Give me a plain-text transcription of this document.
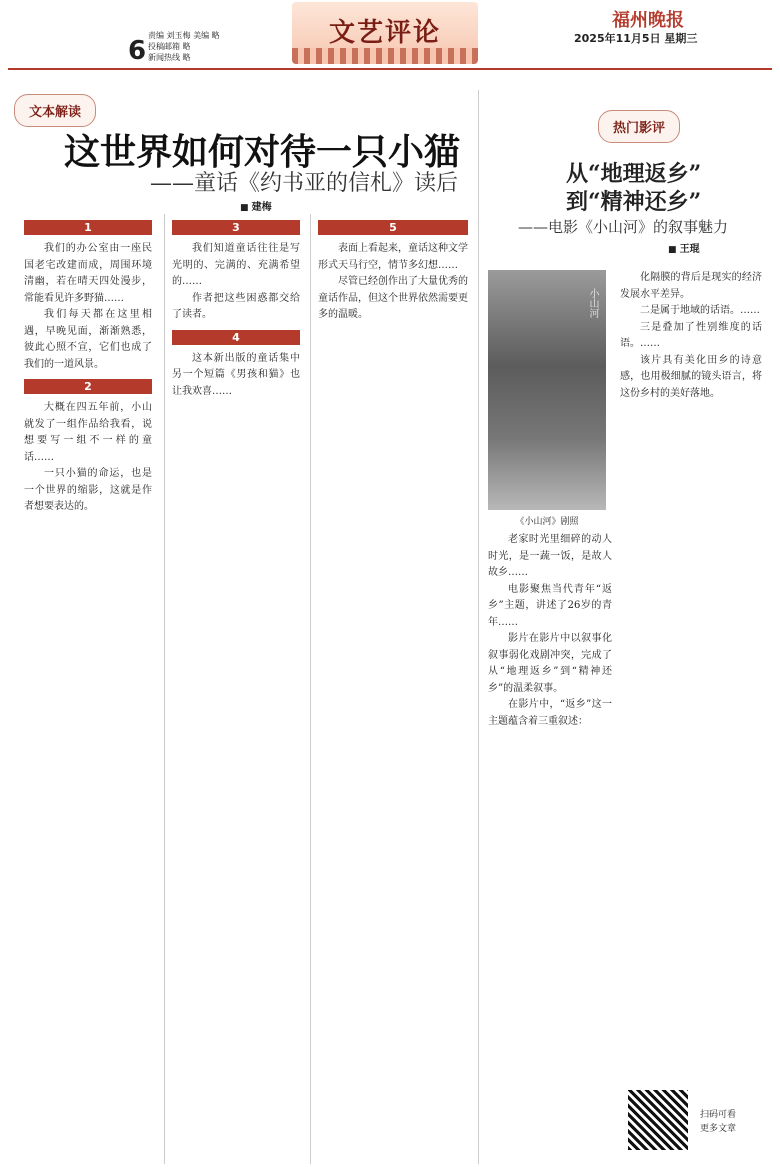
6
责编 刘玉梅 美编 略
投稿邮箱 略
新闻热线 略
文艺评论	福州晚报
2025年11月5日 星期三
文本解读
这世界如何对待一只小猫
——童话《约书亚的信札》读后
■ 建梅
1

我们的办公室由一座民国老宅改建而成，周围环境清幽，若在晴天四处漫步，常能看见许多野猫……

我们每天都在这里相遇，早晚见面，渐渐熟悉，彼此心照不宣，它们也成了我们的一道风景。

2

大概在四五年前，小山就发了一组作品给我看，说想要写一组不一样的童话……

一只小猫的命运，也是一个世界的缩影，这就是作者想要表达的。

3

我们知道童话往往是写光明的、完满的、充满希望的……

作者把这些困惑都交给了读者。

4

这本新出版的童话集中另一个短篇《男孩和猫》也让我欢喜……

5

表面上看起来，童话这种文学形式天马行空，情节多幻想……

尽管已经创作出了大量优秀的童话作品，但这个世界依然需要更多的温暖。

热门影评
从“地理返乡”
到“精神还乡”
——电影《小山河》的叙事魅力
■ 王琨
小山河
《小山河》剧照

老家时光里细碎的动人时光，是一蔬一饭，是故人故乡……

电影聚焦当代青年“返乡”主题，讲述了26岁的青年……

影片在影片中以叙事化叙事弱化戏剧冲突，完成了从“地理返乡”到“精神还乡”的温柔叙事。

在影片中，“返乡”这一主题蕴含着三重叙述：

化隔膜的背后是现实的经济发展水平差异。

二是属于地域的话语。……

三是叠加了性别维度的话语。……

该片具有美化田乡的诗意感，也用极细腻的镜头语言，将这份乡村的美好落地。

扫码可看
更多文章
